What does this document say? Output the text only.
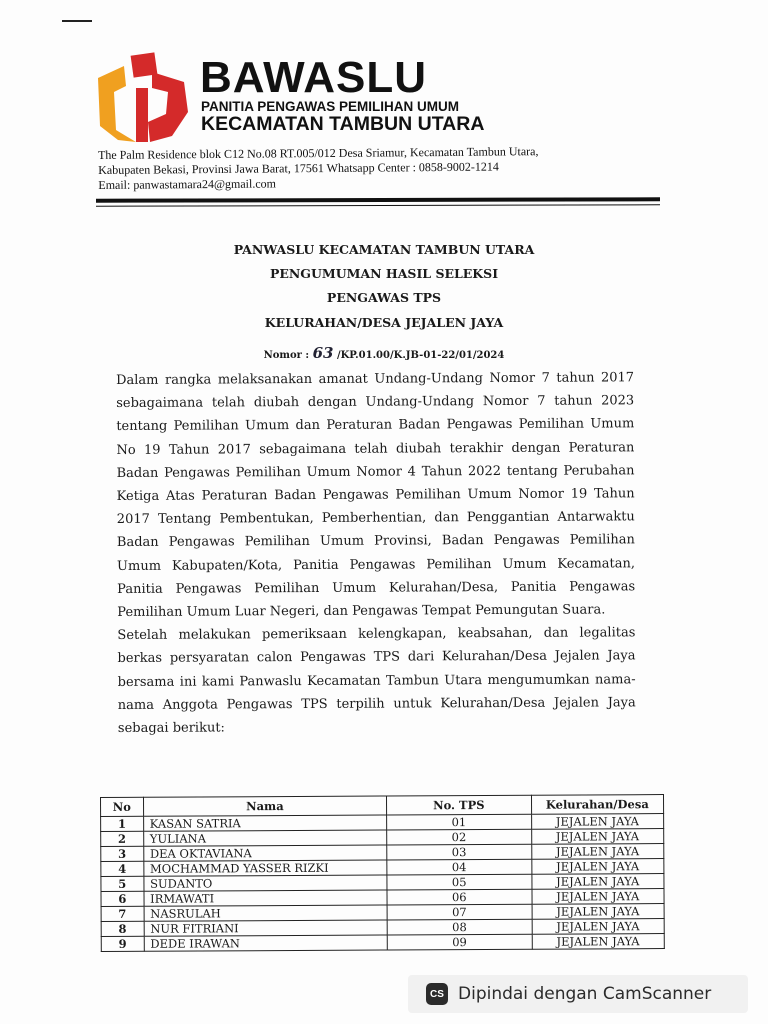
BAWASLU
PANITIA PENGAWAS PEMILIHAN UMUM
KECAMATAN TAMBUN UTARA
The Palm Residence blok C12 No.08 RT.005/012 Desa Sriamur, Kecamatan Tambun Utara,
Kabupaten Bekasi, Provinsi Jawa Barat, 17561 Whatsapp Center : 0858-9002-1214
Email: panwastamara24@gmail.com
PANWASLU KECAMATAN TAMBUN UTARA
PENGUMUMAN HASIL SELEKSI
PENGAWAS TPS
KELURAHAN/DESA JEJALEN JAYA
Nomor : 63 /KP.01.00/K.JB-01-22/01/2024

Dalam rangka melaksanakan amanat Undang-Undang Nomor 7 tahun 2017 sebagaimana telah diubah dengan Undang-Undang Nomor 7 tahun 2023 tentang Pemilihan Umum dan Peraturan Badan Pengawas Pemilihan Umum No 19 Tahun 2017 sebagaimana telah diubah terakhir dengan Peraturan Badan Pengawas Pemilihan Umum Nomor 4 Tahun 2022 tentang Perubahan Ketiga Atas Peraturan Badan Pengawas Pemilihan Umum Nomor 19 Tahun 2017 Tentang Pembentukan, Pemberhentian, dan Penggantian Antarwaktu Badan Pengawas Pemilihan Umum Provinsi, Badan Pengawas Pemilihan Umum Kabupaten/Kota, Panitia Pengawas Pemilihan Umum Kecamatan, Panitia Pengawas Pemilihan Umum Kelurahan/Desa, Panitia Pengawas Pemilihan Umum Luar Negeri, dan Pengawas Tempat Pemungutan Suara.

Setelah melakukan pemeriksaan kelengkapan, keabsahan, dan legalitas berkas persyaratan calon Pengawas TPS dari Kelurahan/Desa Jejalen Jaya bersama ini kami Panwaslu Kecamatan Tambun Utara mengumumkan nama-nama Anggota Pengawas TPS terpilih untuk Kelurahan/Desa Jejalen Jaya sebagai berikut:

No	Nama	No. TPS	Kelurahan/Desa
1	KASAN SATRIA	01	JEJALEN JAYA
2	YULIANA	02	JEJALEN JAYA
3	DEA OKTAVIANA	03	JEJALEN JAYA
4	MOCHAMMAD YASSER RIZKI	04	JEJALEN JAYA
5	SUDANTO	05	JEJALEN JAYA
6	IRMAWATI	06	JEJALEN JAYA
7	NASRULAH	07	JEJALEN JAYA
8	NUR FITRIANI	08	JEJALEN JAYA
9	DEDE IRAWAN	09	JEJALEN JAYA
CS Dipindai dengan CamScanner
